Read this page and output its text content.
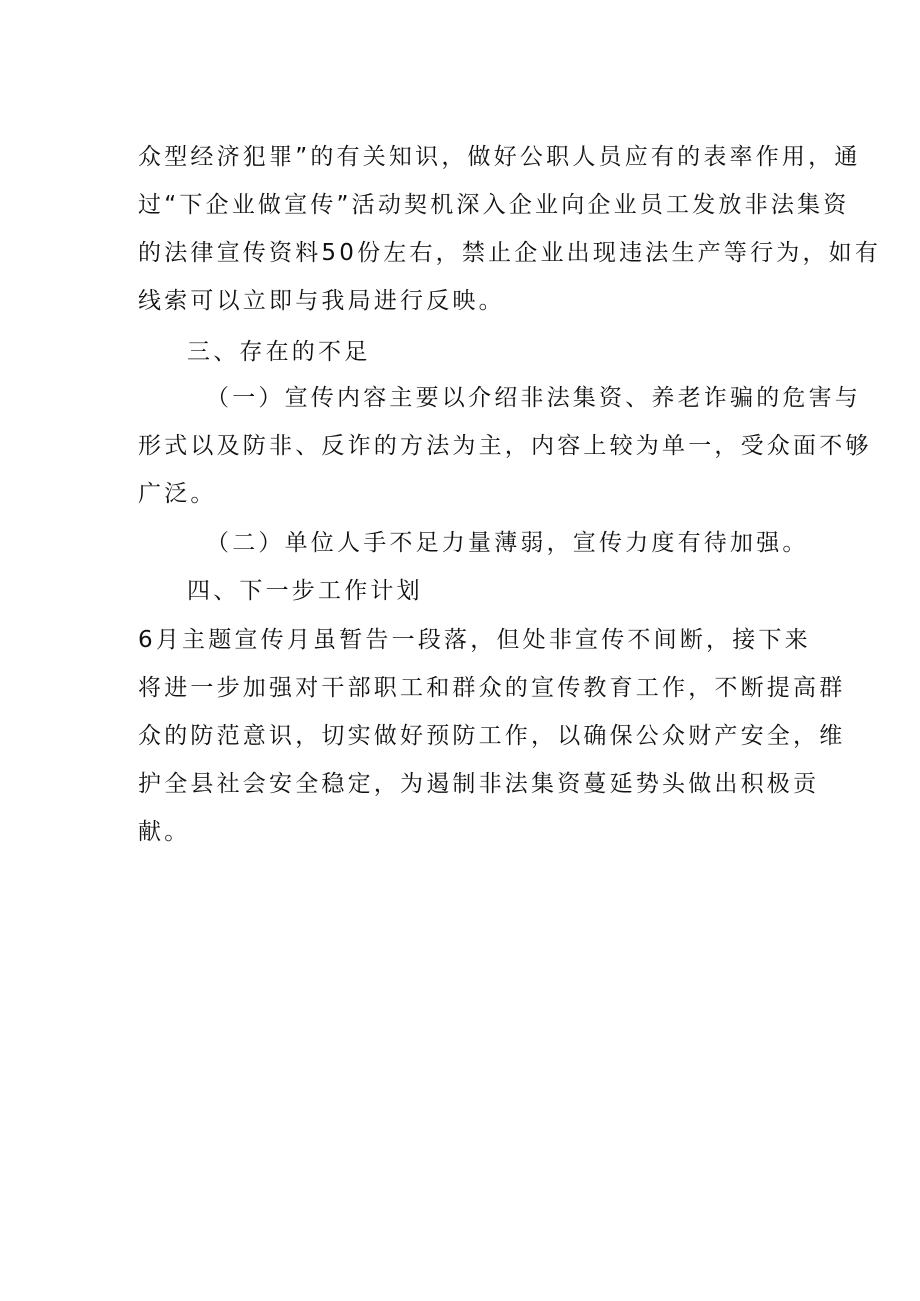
众型经济犯罪”的有关知识，做好公职人员应有的表率作用，通

过“下企业做宣传”活动契机深入企业向企业员工发放非法集资

的法律宣传资料50份左右，禁止企业出现违法生产等行为，如有

线索可以立即与我局进行反映。

三、存在的不足

（一）宣传内容主要以介绍非法集资、养老诈骗的危害与

形式以及防非、反诈的方法为主，内容上较为单一，受众面不够

广泛。

（二）单位人手不足力量薄弱，宣传力度有待加强。

四、下一步工作计划

6月主题宣传月虽暂告一段落，但处非宣传不间断，接下来

将进一步加强对干部职工和群众的宣传教育工作，不断提高群

众的防范意识，切实做好预防工作，以确保公众财产安全，维

护全县社会安全稳定，为遏制非法集资蔓延势头做出积极贡

献。
